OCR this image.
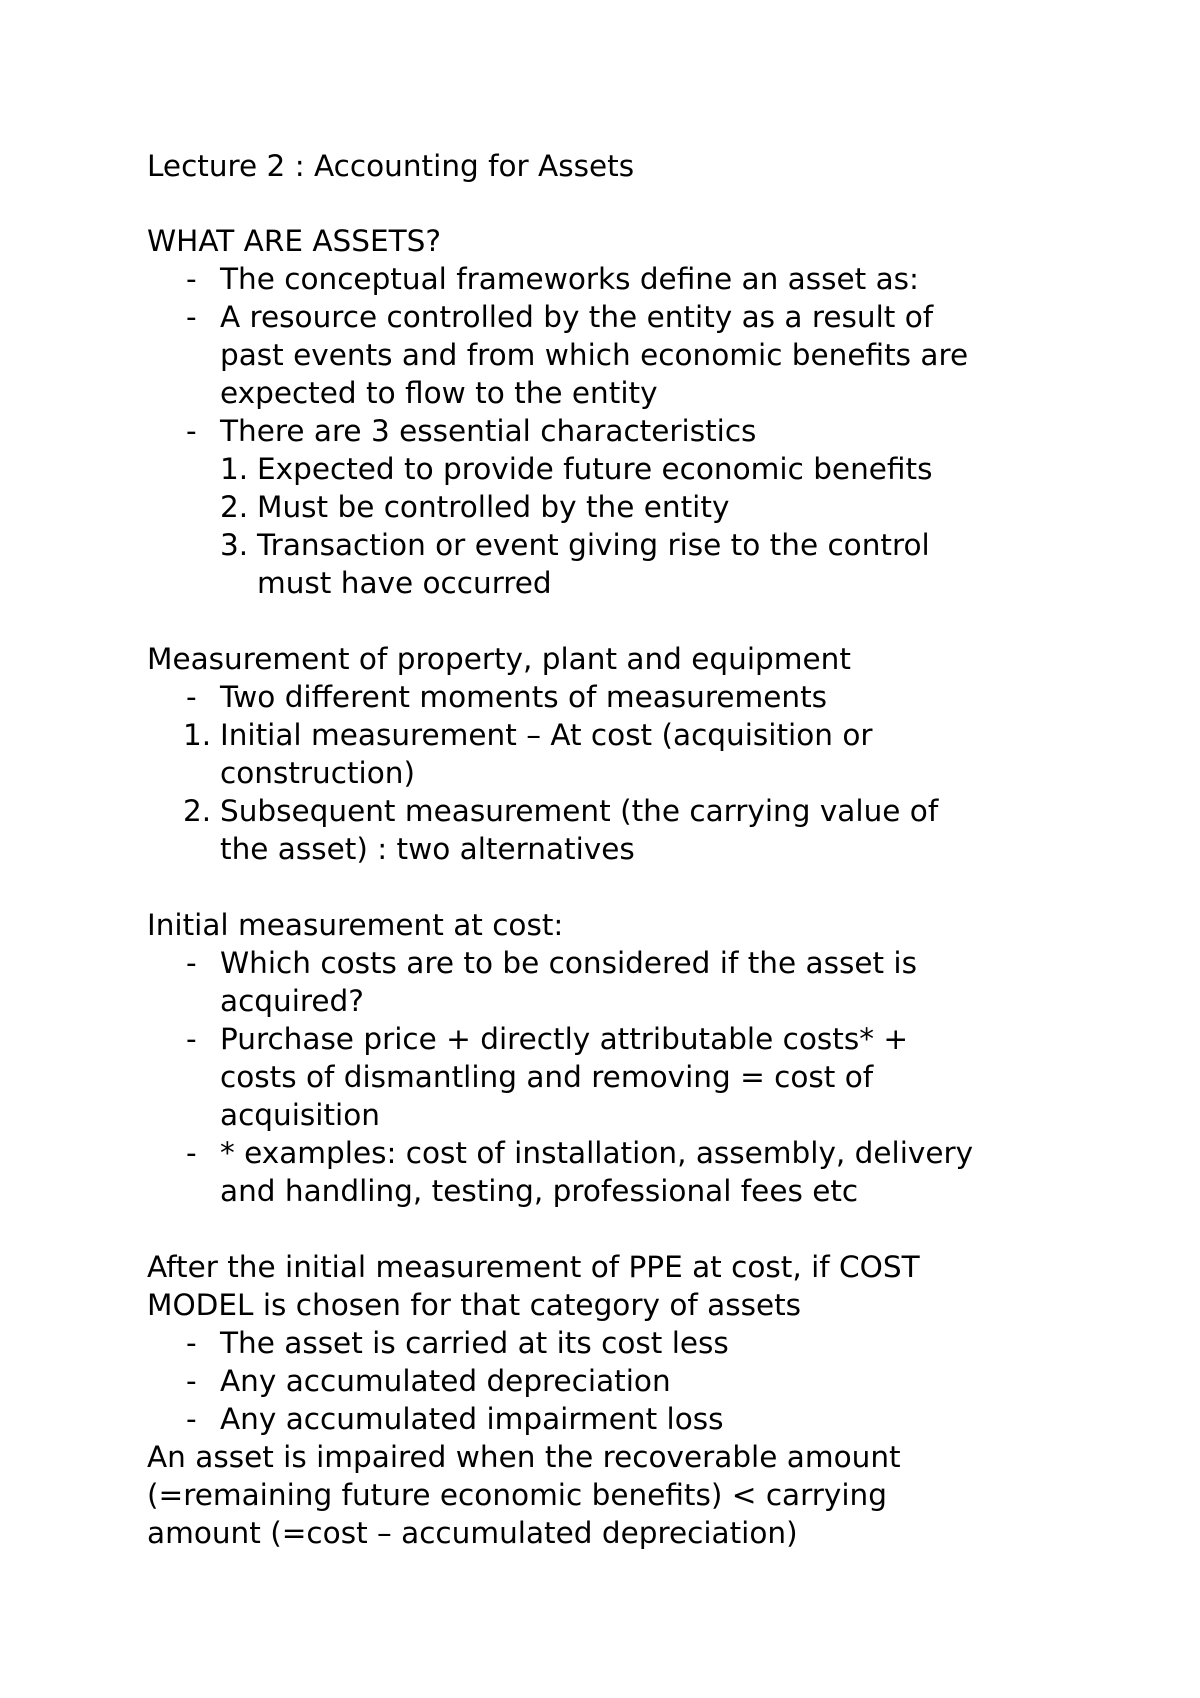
Lecture 2 : Accounting for Assets
WHAT ARE ASSETS?
- The conceptual frameworks define an asset as:
- A resource controlled by the entity as a result of
past events and from which economic benefits are
expected to flow to the entity
- There are 3 essential characteristics
1. Expected to provide future economic benefits
2. Must be controlled by the entity
3. Transaction or event giving rise to the control
must have occurred
Measurement of property, plant and equipment
- Two different moments of measurements
1. Initial measurement – At cost (acquisition or
construction)
2. Subsequent measurement (the carrying value of
the asset) : two alternatives
Initial measurement at cost:
- Which costs are to be considered if the asset is
acquired?
- Purchase price + directly attributable costs* +
costs of dismantling and removing = cost of
acquisition
- * examples: cost of installation, assembly, delivery
and handling, testing, professional fees etc
After the initial measurement of PPE at cost, if COST
MODEL is chosen for that category of assets
- The asset is carried at its cost less
- Any accumulated depreciation
- Any accumulated impairment loss
An asset is impaired when the recoverable amount
(=remaining future economic benefits) < carrying
amount (=cost – accumulated depreciation)
